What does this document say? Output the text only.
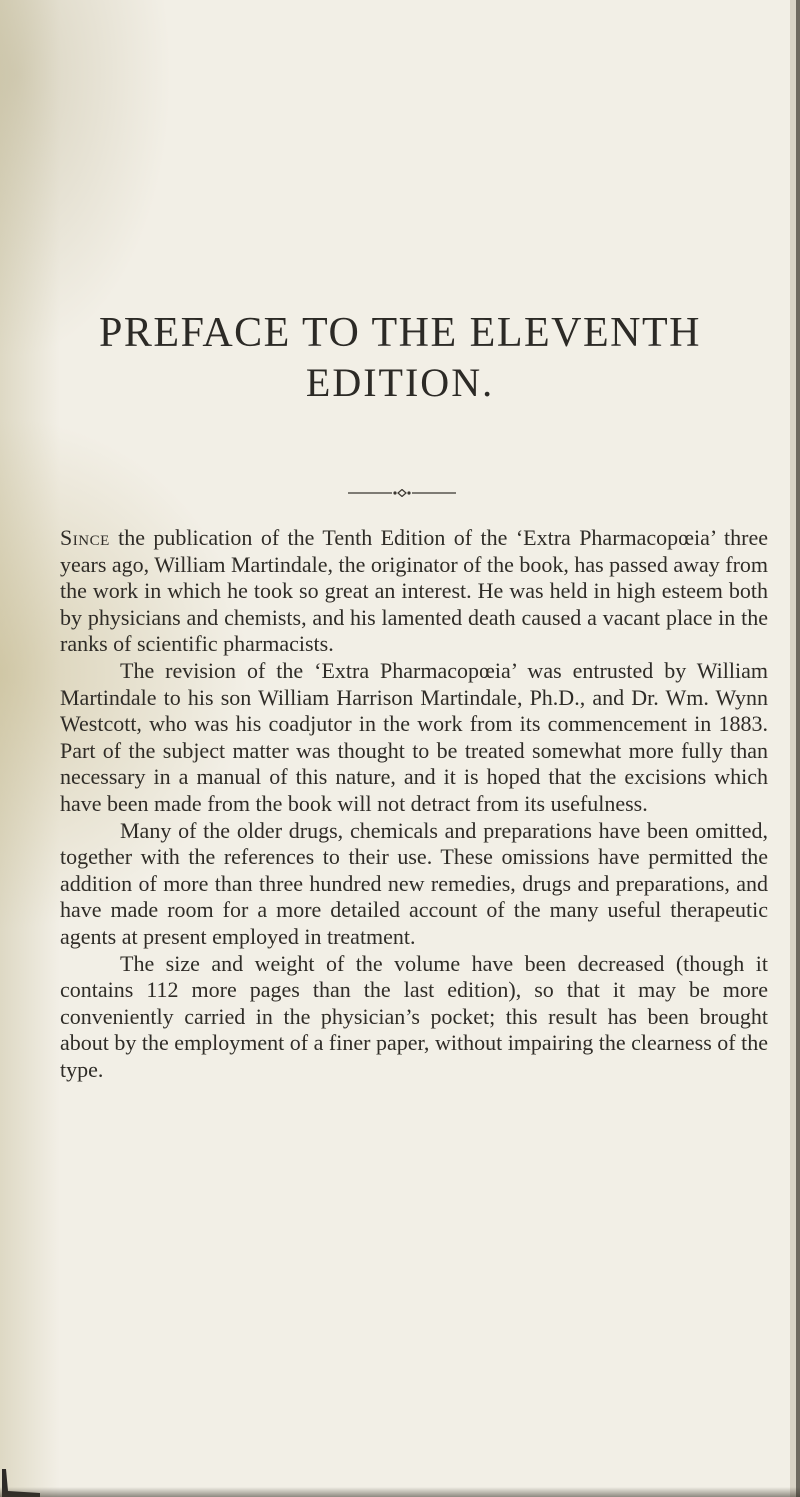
PREFACE TO THE ELEVENTH
EDITION.

Since the publication of the Tenth Edition of the ‘Extra Pharmacopœia’ three years ago, William Martindale, the originator of the book, has passed away from the work in which he took so great an interest. He was held in high esteem both by physicians and chemists, and his lamented death caused a vacant place in the ranks of scientific pharmacists.

The revision of the ‘Extra Pharmacopœia’ was entrusted by William Martindale to his son William Harrison Martindale, Ph.D., and Dr. Wm. Wynn Westcott, who was his coadjutor in the work from its commencement in 1883. Part of the subject matter was thought to be treated somewhat more fully than necessary in a manual of this nature, and it is hoped that the excisions which have been made from the book will not detract from its usefulness.

Many of the older drugs, chemicals and preparations have been omitted, together with the references to their use. These omissions have permitted the addition of more than three hundred new remedies, drugs and preparations, and have made room for a more detailed account of the many useful therapeutic agents at present employed in treatment.

The size and weight of the volume have been decreased (though it contains 112 more pages than the last edition), so that it may be more conveniently carried in the physician’s pocket; this result has been brought about by the employment of a finer paper, without impairing the clearness of the type.
